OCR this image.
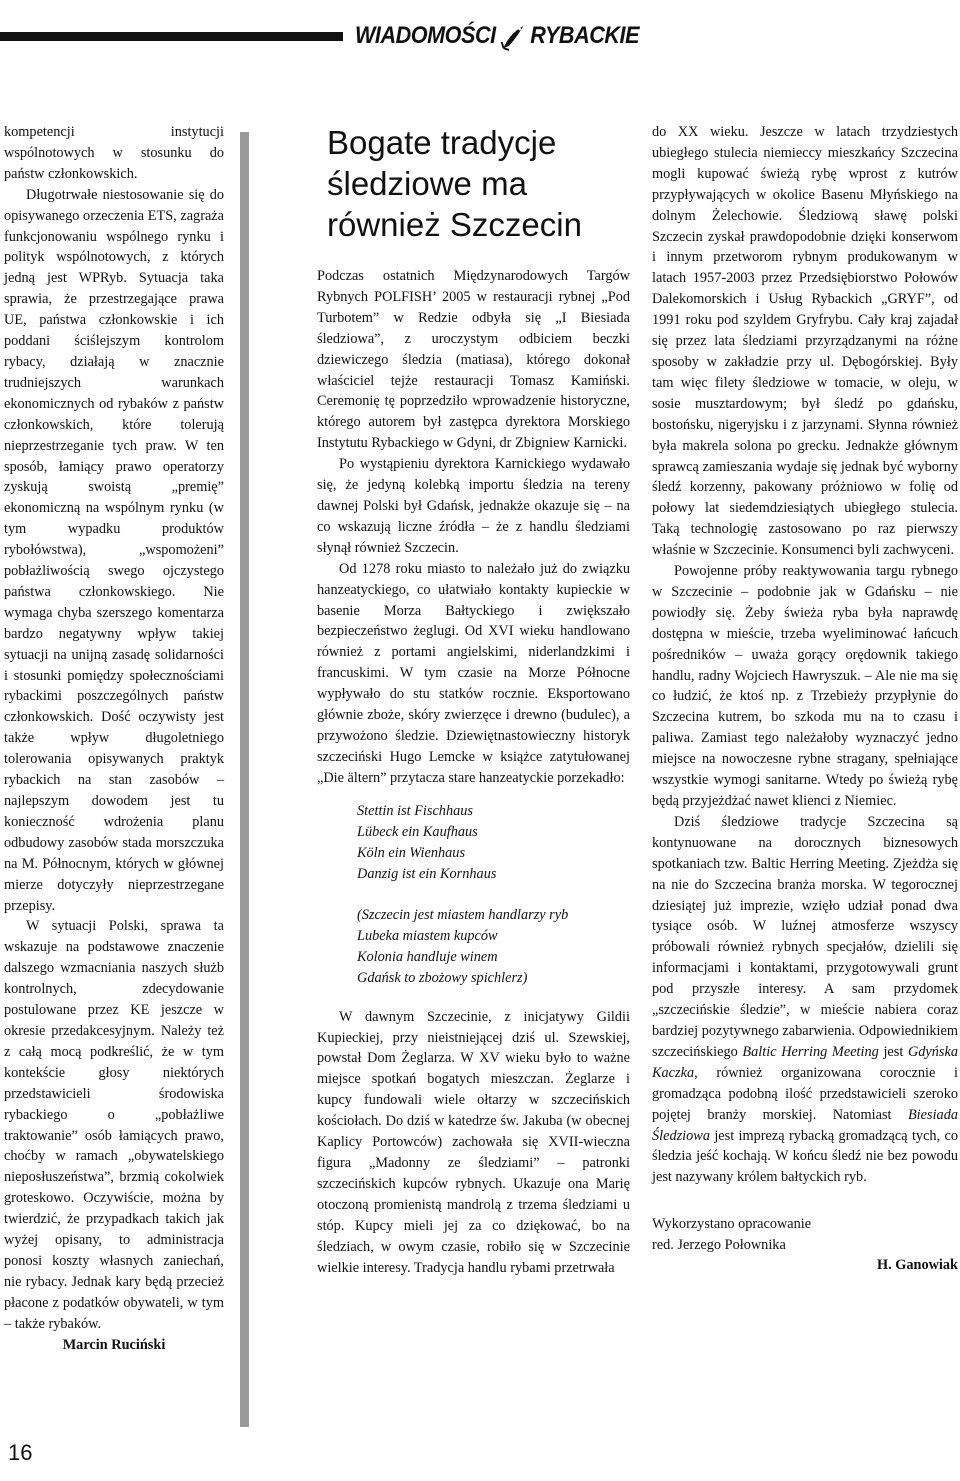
WIADOMOŚCI RYBACKIE

kompetencji instytucji wspólnotowych w stosunku do państw członkowskich.

Długotrwałe niestosowanie się do opisywanego orzeczenia ETS, zagraża funkcjonowaniu wspólnego rynku i polityk wspólnotowych, z których jedną jest WPRyb. Sytuacja taka sprawia, że przestrzegające prawa UE, państwa członkowskie i ich poddani ściślejszym kontrolom rybacy, działają w znacznie trudniejszych warunkach ekonomicznych od rybaków z państw członkowskich, które tolerują nieprzestrzeganie tych praw. W ten sposób, łamiący prawo operatorzy zyskują swoistą „premię” ekonomiczną na wspólnym rynku (w tym wypadku produktów rybołówstwa), „wspomożeni” pobłażliwością swego ojczystego państwa członkowskiego. Nie wymaga chyba szerszego komentarza bardzo negatywny wpływ takiej sytuacji na unijną zasadę solidarności i stosunki pomiędzy społecznościami rybackimi poszczególnych państw członkowskich. Dość oczywisty jest także wpływ długoletniego tolerowania opisywanych praktyk rybackich na stan zasobów – najlepszym dowodem jest tu konieczność wdrożenia planu odbudowy zasobów stada morszczuka na M. Północnym, których w głównej mierze dotyczyły nieprzestrzegane przepisy.

W sytuacji Polski, sprawa ta wskazuje na podstawowe znaczenie dalszego wzmacniania naszych służb kontrolnych, zdecydowanie postulowane przez KE jeszcze w okresie przedakcesyjnym. Należy też z całą mocą podkreślić, że w tym kontekście głosy niektórych przedstawicieli środowiska rybackiego o „pobłażliwe traktowanie” osób łamiących prawo, choćby w ramach „obywatelskiego nieposłuszeństwa”, brzmią cokolwiek groteskowo. Oczywiście, można by twierdzić, że przypadkach takich jak wyżej opisany, to administracja ponosi koszty własnych zaniechań, nie rybacy. Jednak kary będą przecież płacone z podatków obywateli, w tym – także rybaków.

Marcin Ruciński

Bogate tradycje śledziowe ma również Szczecin

Podczas ostatnich Międzynarodowych Targów Rybnych POLFISH’ 2005 w restauracji rybnej „Pod Turbotem” w Redzie odbyła się „I Biesiada śledziowa”, z uroczystym odbiciem beczki dziewiczego śledzia (matiasa), którego dokonał właściciel tejże restauracji Tomasz Kamiński. Ceremonię tę poprzedziło wprowadzenie historyczne, którego autorem był zastępca dyrektora Morskiego Instytutu Rybackiego w Gdyni, dr Zbigniew Karnicki.

Po wystąpieniu dyrektora Karnickiego wydawało się, że jedyną kolebką importu śledzia na tereny dawnej Polski był Gdańsk, jednakże okazuje się – na co wskazują liczne źródła – że z handlu śledziami słynął również Szczecin.

Od 1278 roku miasto to należało już do związku hanzeatyckiego, co ułatwiało kontakty kupieckie w basenie Morza Bałtyckiego i zwiększało bezpieczeństwo żeglugi. Od XVI wieku handlowano również z portami angielskimi, niderlandzkimi i francuskimi. W tym czasie na Morze Północne wypływało do stu statków rocznie. Eksportowano głównie zboże, skóry zwierzęce i drewno (budulec), a przywożono śledzie. Dziewiętnastowieczny historyk szczeciński Hugo Lemcke w książce zatytułowanej „Die ältern” przytacza stare hanzeatyckie porzekadło:

Stettin ist Fischhaus
Lübeck ein Kaufhaus
Köln ein Wienhaus
Danzig ist ein Kornhaus
(Szczecin jest miastem handlarzy ryb
Lubeka miastem kupców
Kolonia handluje winem
Gdańsk to zbożowy spichlerz)

W dawnym Szczecinie, z inicjatywy Gildii Kupieckiej, przy nieistniejącej dziś ul. Szewskiej, powstał Dom Żeglarza. W XV wieku było to ważne miejsce spotkań bogatych mieszczan. Żeglarze i kupcy fundowali wiele ołtarzy w szczecińskich kościołach. Do dziś w katedrze św. Jakuba (w obecnej Kaplicy Portowców) zachowała się XVII-wieczna figura „Madonny ze śledziami” – patronki szczecińskich kupców rybnych. Ukazuje ona Marię otoczoną promienistą mandrolą z trzema śledziami u stóp. Kupcy mieli jej za co dziękować, bo na śledziach, w owym czasie, robiło się w Szczecinie wielkie interesy. Tradycja handlu rybami przetrwała

do XX wieku. Jeszcze w latach trzydziestych ubiegłego stulecia niemieccy mieszkańcy Szczecina mogli kupować świeżą rybę wprost z kutrów przypływających w okolice Basenu Młyńskiego na dolnym Żelechowie. Śledziową sławę polski Szczecin zyskał prawdopodobnie dzięki konserwom i innym przetworom rybnym produkowanym w latach 1957-2003 przez Przedsiębiorstwo Połowów Dalekomorskich i Usług Rybackich „GRYF”, od 1991 roku pod szyldem Gryfrybu. Cały kraj zajadał się przez lata śledziami przyrządzanymi na różne sposoby w zakładzie przy ul. Dębogórskiej. Były tam więc filety śledziowe w tomacie, w oleju, w sosie musztardowym; był śledź po gdańsku, bostońsku, nigeryjsku i z jarzynami. Słynna również była makrela solona po grecku. Jednakże głównym sprawcą zamieszania wydaje się jednak być wyborny śledź korzenny, pakowany próżniowo w folię od połowy lat siedemdziesiątych ubiegłego stulecia. Taką technologię zastosowano po raz pierwszy właśnie w Szczecinie. Konsumenci byli zachwyceni.

Powojenne próby reaktywowania targu rybnego w Szczecinie – podobnie jak w Gdańsku – nie powiodły się. Żeby świeża ryba była naprawdę dostępna w mieście, trzeba wyeliminować łańcuch pośredników – uważa gorący orędownik takiego handlu, radny Wojciech Hawryszuk. – Ale nie ma się co łudzić, że ktoś np. z Trzebieży przypłynie do Szczecina kutrem, bo szkoda mu na to czasu i paliwa. Zamiast tego należałoby wyznaczyć jedno miejsce na nowoczesne rybne stragany, spełniające wszystkie wymogi sanitarne. Wtedy po świeżą rybę będą przyjeżdżać nawet klienci z Niemiec.

Dziś śledziowe tradycje Szczecina są kontynuowane na dorocznych biznesowych spotkaniach tzw. Baltic Herring Meeting. Zjeżdża się na nie do Szczecina branża morska. W tegorocznej dziesiątej już imprezie, wzięło udział ponad dwa tysiące osób. W luźnej atmosferze wszyscy próbowali również rybnych specjałów, dzielili się informacjami i kontaktami, przygotowywali grunt pod przyszłe interesy. A sam przydomek „szczecińskie śledzie”, w mieście nabiera coraz bardziej pozytywnego zabarwienia. Odpowiednikiem szczecińskiego Baltic Herring Meeting jest Gdyńska Kaczka, również organizowana corocznie i gromadząca podobną ilość przedstawicieli szeroko pojętej branży morskiej. Natomiast Biesiada Śledziowa jest imprezą rybacką gromadzącą tych, co śledzia jeść kochają. W końcu śledź nie bez powodu jest nazywany królem bałtyckich ryb.

Wykorzystano opracowanie
red. Jerzego Połownika

H. Ganowiak

16
